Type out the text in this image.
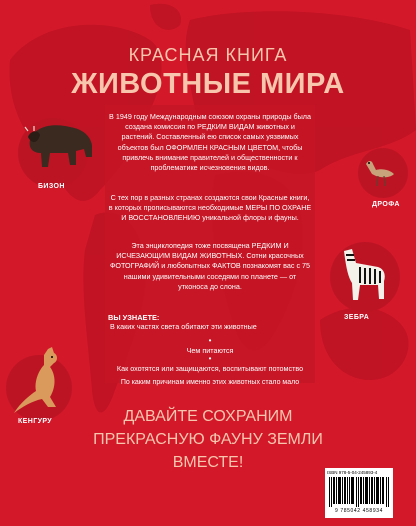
КРАСНАЯ КНИГА
ЖИВОТНЫЕ МИРА
В 1949 году Международным союзом охраны природы была создана комиссия по РЕДКИМ ВИДАМ животных и растений. Составленный ею список самых уязвимых объектов был ОФОРМЛЕН КРАСНЫМ ЦВЕТОМ, чтобы привлечь внимание правителей и общественности к проблематике исчезновения видов.
С тех пор в разных странах создаются свои Красные книги, в которых прописываются необходимые МЕРЫ ПО ОХРАНЕ И ВОССТАНОВЛЕНИЮ уникальной флоры и фауны.
Эта энциклопедия тоже посвящена РЕДКИМ И ИСЧЕЗАЮЩИМ ВИДАМ ЖИВОТНЫХ. Сотни красочных ФОТОГРАФИЙ и любопытных ФАКТОВ познакомят вас с 75 нашими удивительными соседями по планете — от утконоса до слона.
ВЫ УЗНАЕТЕ:
В каких частях света обитают эти животные
•
Чем питаются
•
Как охотятся или защищаются, воспитывают потомство
По каким причинам именно этих животных стало мало
ДАВАЙТЕ СОХРАНИМ
ПРЕКРАСНУЮ ФАУНУ ЗЕМЛИ
ВМЕСТЕ!
БИЗОН
ДРОФА
ЗЕБРА
КЕНГУРУ
ISBN 978-5-04-245893-4
9 785042 458934
